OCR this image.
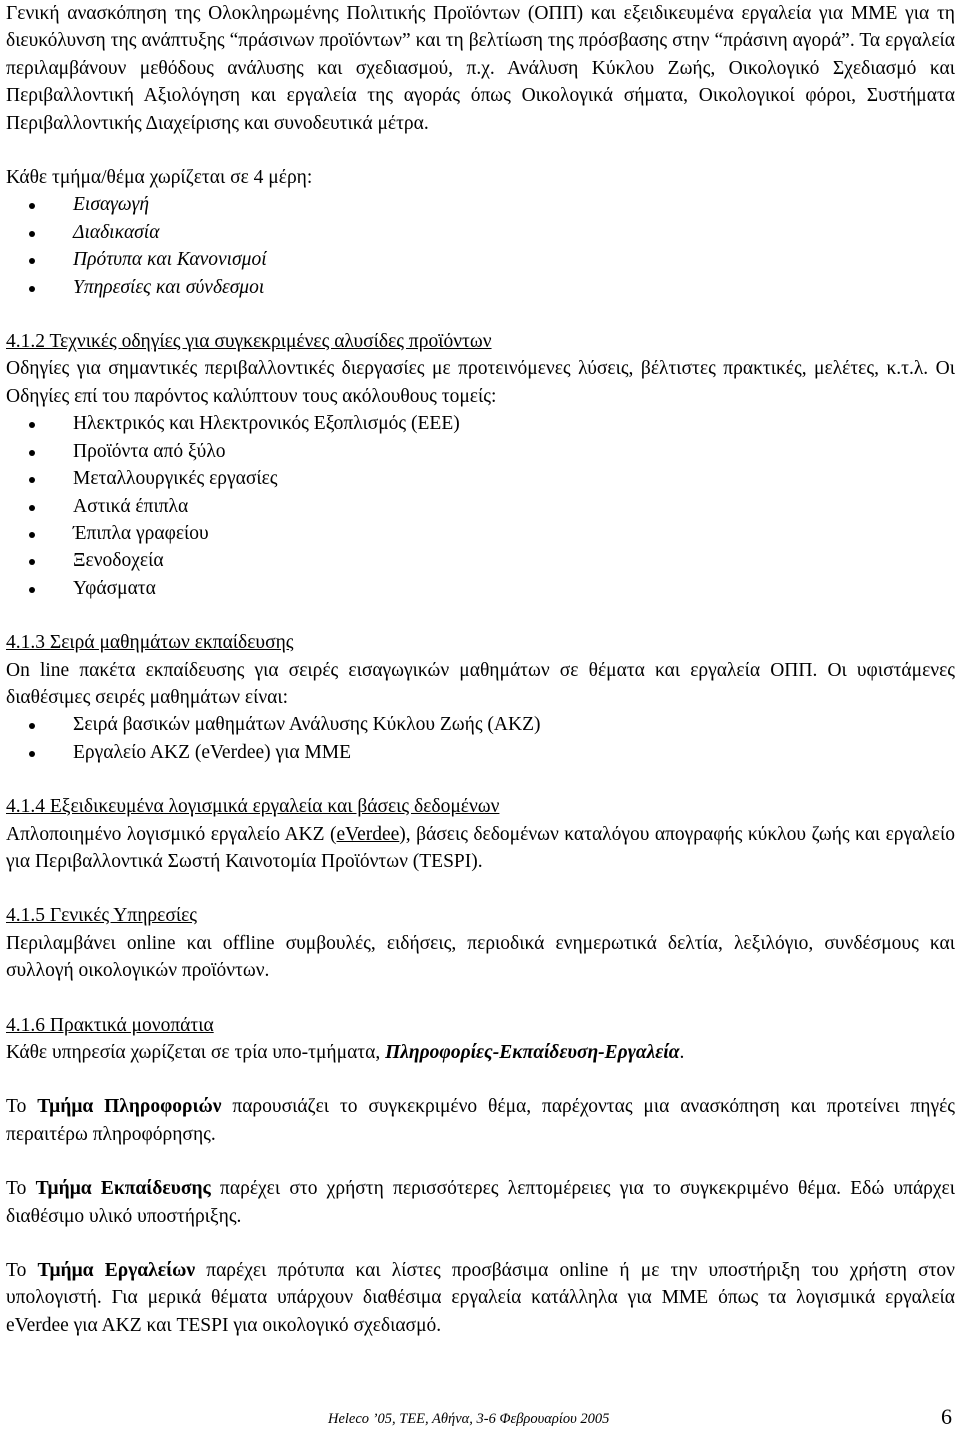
Γενική ανασκόπηση της Ολοκληρωμένης Πολιτικής Προϊόντων (ΟΠΠ) και εξειδικευμένα εργαλεία για ΜΜΕ για τη διευκόλυνση της ανάπτυξης “πράσινων προϊόντων” και τη βελτίωση της πρόσβασης στην “πράσινη αγορά”. Τα εργαλεία περιλαμβάνουν μεθόδους ανάλυσης και σχεδιασμού, π.χ. Ανάλυση Κύκλου Ζωής, Οικολογικό Σχεδιασμό και Περιβαλλοντική Αξιολόγηση και εργαλεία της αγοράς όπως Οικολογικά σήματα, Οικολογικοί φόροι, Συστήματα Περιβαλλοντικής Διαχείρισης και συνοδευτικά μέτρα.

Κάθε τμήμα/θέμα χωρίζεται σε 4 μέρη:

Εισαγωγή
Διαδικασία
Πρότυπα και Κανονισμοί
Υπηρεσίες και σύνδεσμοι

4.1.2 Τεχνικές οδηγίες για συγκεκριμένες αλυσίδες προϊόντων

Οδηγίες για σημαντικές περιβαλλοντικές διεργασίες με προτεινόμενες λύσεις, βέλτιστες πρακτικές, μελέτες, κ.τ.λ. Οι Οδηγίες επί του παρόντος καλύπτουν τους ακόλουθους τομείς:

Ηλεκτρικός και Ηλεκτρονικός Εξοπλισμός (ΕΕΕ)
Προϊόντα από ξύλο
Μεταλλουργικές εργασίες
Αστικά έπιπλα
Έπιπλα γραφείου
Ξενοδοχεία
Υφάσματα

4.1.3 Σειρά μαθημάτων εκπαίδευσης

On line πακέτα εκπαίδευσης για σειρές εισαγωγικών μαθημάτων σε θέματα και εργαλεία ΟΠΠ. Οι υφιστάμενες διαθέσιμες σειρές μαθημάτων είναι:

Σειρά βασικών μαθημάτων Ανάλυσης Κύκλου Ζωής (ΑΚΖ)
Εργαλείο ΑΚΖ (eVerdee) για ΜΜΕ

4.1.4 Εξειδικευμένα λογισμικά εργαλεία και βάσεις δεδομένων

Απλοποιημένο λογισμικό εργαλείο ΑΚΖ (eVerdee), βάσεις δεδομένων καταλόγου απογραφής κύκλου ζωής και εργαλείο για Περιβαλλοντικά Σωστή Καινοτομία Προϊόντων (TESPI).

4.1.5 Γενικές Υπηρεσίες

Περιλαμβάνει online και offline συμβουλές, ειδήσεις, περιοδικά ενημερωτικά δελτία, λεξιλόγιο, συνδέσμους και συλλογή οικολογικών προϊόντων.

4.1.6 Πρακτικά μονοπάτια

Κάθε υπηρεσία χωρίζεται σε τρία υπο-τμήματα, Πληροφορίες-Εκπαίδευση-Εργαλεία.

Το Τμήμα Πληροφοριών παρουσιάζει το συγκεκριμένο θέμα, παρέχοντας μια ανασκόπηση και προτείνει πηγές περαιτέρω πληροφόρησης.

Το Τμήμα Εκπαίδευσης παρέχει στο χρήστη περισσότερες λεπτομέρειες για το συγκεκριμένο θέμα. Εδώ υπάρχει διαθέσιμο υλικό υποστήριξης.

Το Τμήμα Εργαλείων παρέχει πρότυπα και λίστες προσβάσιμα online ή με την υποστήριξη του χρήστη στον υπολογιστή. Για μερικά θέματα υπάρχουν διαθέσιμα εργαλεία κατάλληλα για ΜΜΕ όπως τα λογισμικά εργαλεία eVerdee για ΑΚΖ και TESPI για οικολογικό σχεδιασμό.

Heleco ’05, ΤΕΕ, Αθήνα, 3-6 Φεβρουαρίου 2005	6
